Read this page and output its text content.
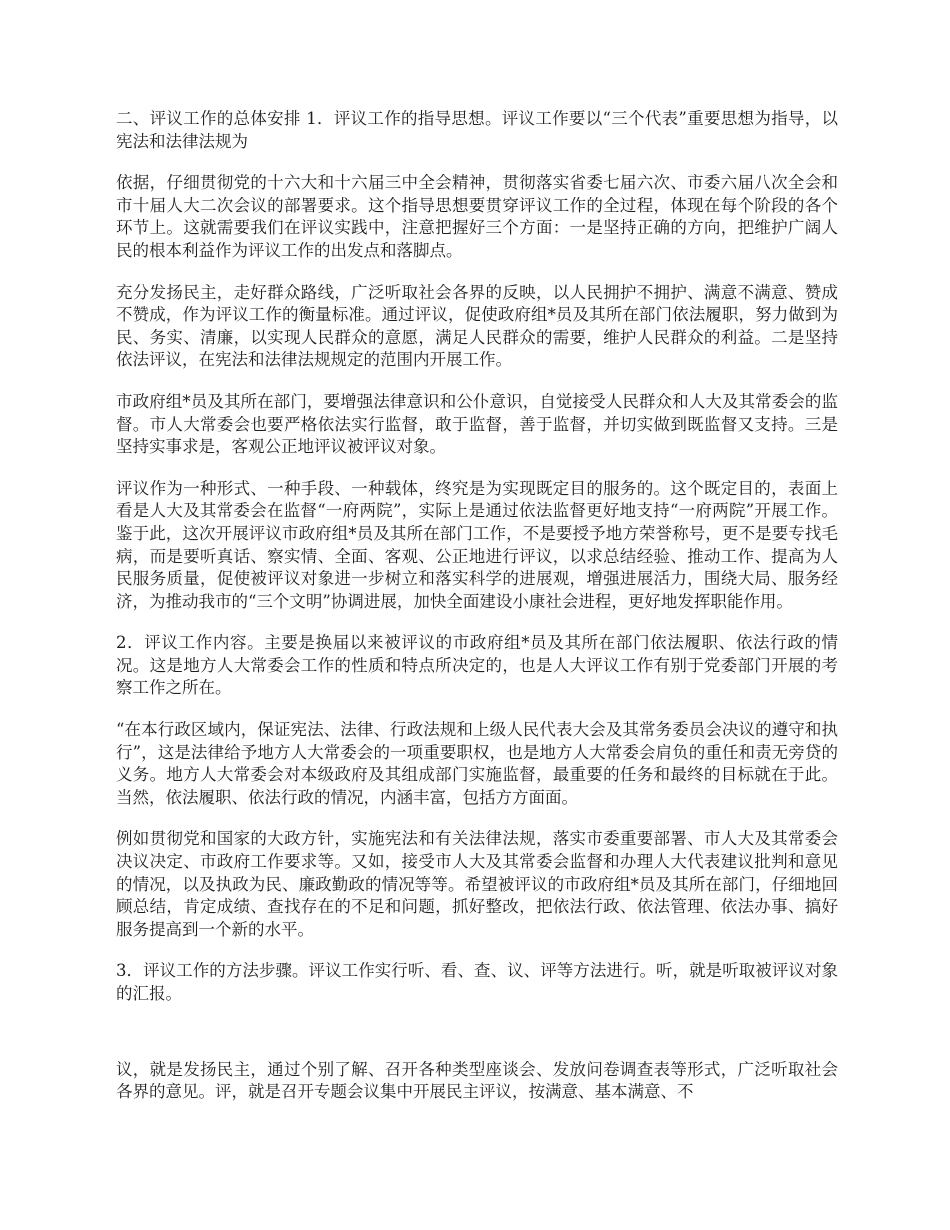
二、评议工作的总体安排 1．评议工作的指导思想。评议工作要以“三个代表”重要思想为指导，以宪法和法律法规为

依据，仔细贯彻党的十六大和十六届三中全会精神，贯彻落实省委七届六次、市委六届八次全会和市十届人大二次会议的部署要求。这个指导思想要贯穿评议工作的全过程，体现在每个阶段的各个环节上。这就需要我们在评议实践中，注意把握好三个方面：一是坚持正确的方向，把维护广阔人民的根本利益作为评议工作的出发点和落脚点。

充分发扬民主，走好群众路线，广泛听取社会各界的反映，以人民拥护不拥护、满意不满意、赞成不赞成，作为评议工作的衡量标准。通过评议，促使政府组*员及其所在部门依法履职，努力做到为民、务实、清廉，以实现人民群众的意愿，满足人民群众的需要，维护人民群众的利益。二是坚持依法评议，在宪法和法律法规规定的范围内开展工作。

市政府组*员及其所在部门，要增强法律意识和公仆意识，自觉接受人民群众和人大及其常委会的监督。市人大常委会也要严格依法实行监督，敢于监督，善于监督，并切实做到既监督又支持。三是坚持实事求是，客观公正地评议被评议对象。

评议作为一种形式、一种手段、一种载体，终究是为实现既定目的服务的。这个既定目的，表面上看是人大及其常委会在监督“一府两院”，实际上是通过依法监督更好地支持“一府两院”开展工作。鉴于此，这次开展评议市政府组*员及其所在部门工作，不是要授予地方荣誉称号，更不是要专找毛病，而是要听真话、察实情、全面、客观、公正地进行评议，以求总结经验、推动工作、提高为人民服务质量，促使被评议对象进一步树立和落实科学的进展观，增强进展活力，围绕大局、服务经济，为推动我市的“三个文明”协调进展，加快全面建设小康社会进程，更好地发挥职能作用。

2．评议工作内容。主要是换届以来被评议的市政府组*员及其所在部门依法履职、依法行政的情况。这是地方人大常委会工作的性质和特点所决定的，也是人大评议工作有别于党委部门开展的考察工作之所在。

“在本行政区域内，保证宪法、法律、行政法规和上级人民代表大会及其常务委员会决议的遵守和执行”，这是法律给予地方人大常委会的一项重要职权，也是地方人大常委会肩负的重任和责无旁贷的义务。地方人大常委会对本级政府及其组成部门实施监督，最重要的任务和最终的目标就在于此。当然，依法履职、依法行政的情况，内涵丰富，包括方方面面。

例如贯彻党和国家的大政方针，实施宪法和有关法律法规，落实市委重要部署、市人大及其常委会决议决定、市政府工作要求等。又如，接受市人大及其常委会监督和办理人大代表建议批判和意见的情况，以及执政为民、廉政勤政的情况等等。希望被评议的市政府组*员及其所在部门，仔细地回顾总结，肯定成绩、查找存在的不足和问题，抓好整改，把依法行政、依法管理、依法办事、搞好服务提高到一个新的水平。

3．评议工作的方法步骤。评议工作实行听、看、查、议、评等方法进行。听，就是听取被评议对象的汇报。

议，就是发扬民主，通过个别了解、召开各种类型座谈会、发放问卷调查表等形式，广泛听取社会各界的意见。评，就是召开专题会议集中开展民主评议，按满意、基本满意、不
